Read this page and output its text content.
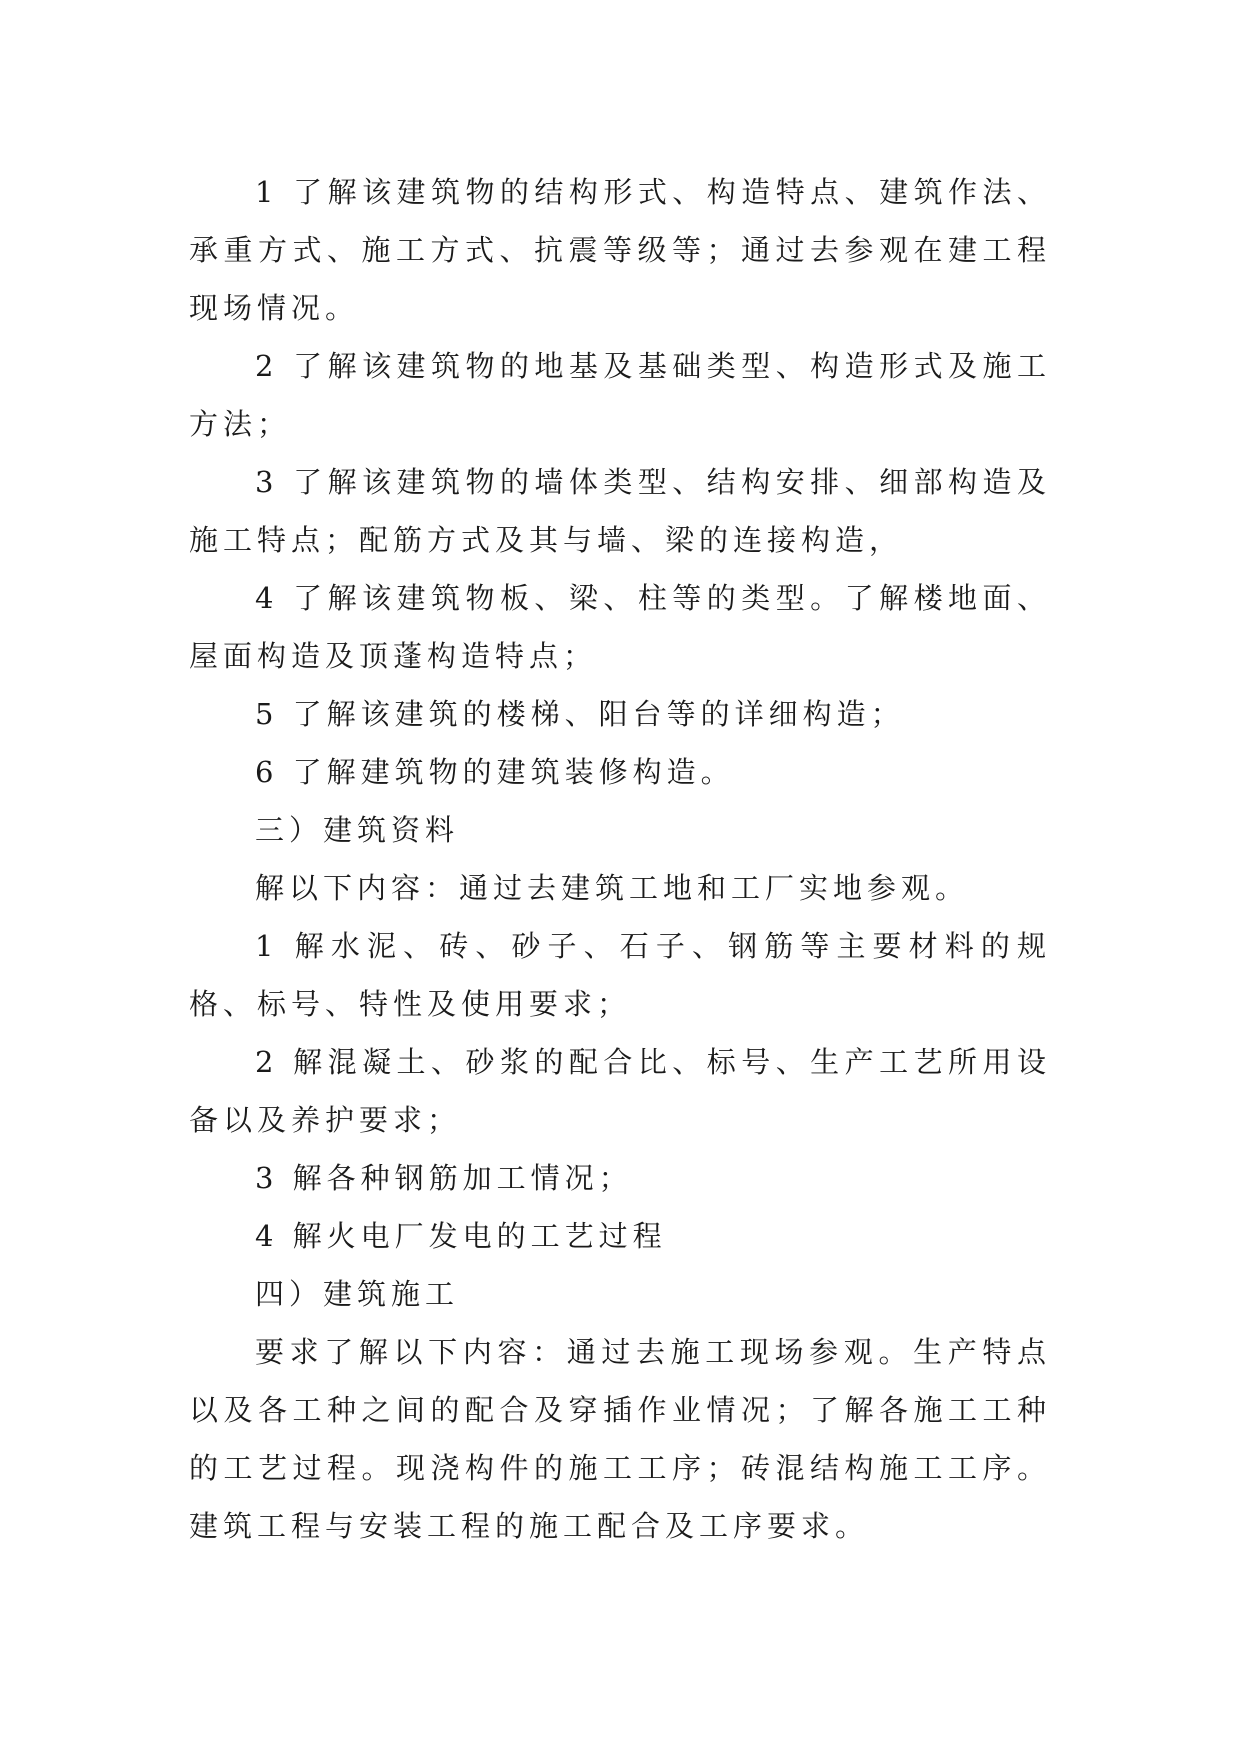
1 了解该建筑物的结构形式、构造特点、建筑作法、承重方式、施工方式、抗震等级等；通过去参观在建工程现场情况。

2 了解该建筑物的地基及基础类型、构造形式及施工方法；

3 了解该建筑物的墙体类型、结构安排、细部构造及施工特点；配筋方式及其与墙、梁的连接构造，

4 了解该建筑物板、梁、柱等的类型。了解楼地面、屋面构造及顶蓬构造特点；

5 了解该建筑的楼梯、阳台等的详细构造；

6 了解建筑物的建筑装修构造。

三）建筑资料

解以下内容：通过去建筑工地和工厂实地参观。

1 解水泥、砖、砂子、石子、钢筋等主要材料的规格、标号、特性及使用要求；

2 解混凝土、砂浆的配合比、标号、生产工艺所用设备以及养护要求；

3 解各种钢筋加工情况；

4 解火电厂发电的工艺过程

四）建筑施工

要求了解以下内容：通过去施工现场参观。生产特点以及各工种之间的配合及穿插作业情况；了解各施工工种的工艺过程。现浇构件的施工工序；砖混结构施工工序。建筑工程与安装工程的施工配合及工序要求。
